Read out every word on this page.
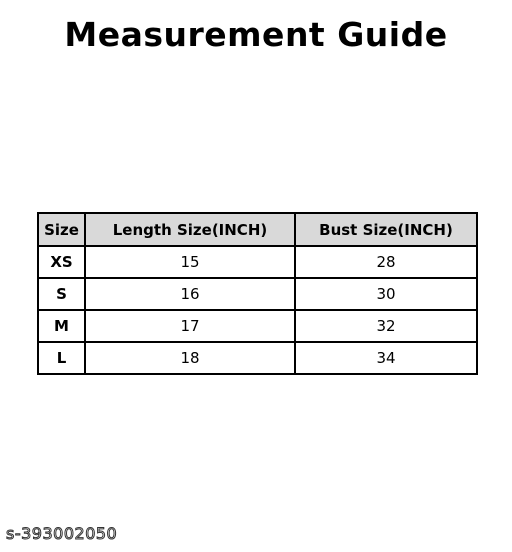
Measurement Guide
Size	Length Size(INCH)	Bust Size(INCH)
XS	15	28
S	16	30
M	17	32
L	18	34
s-393002050
